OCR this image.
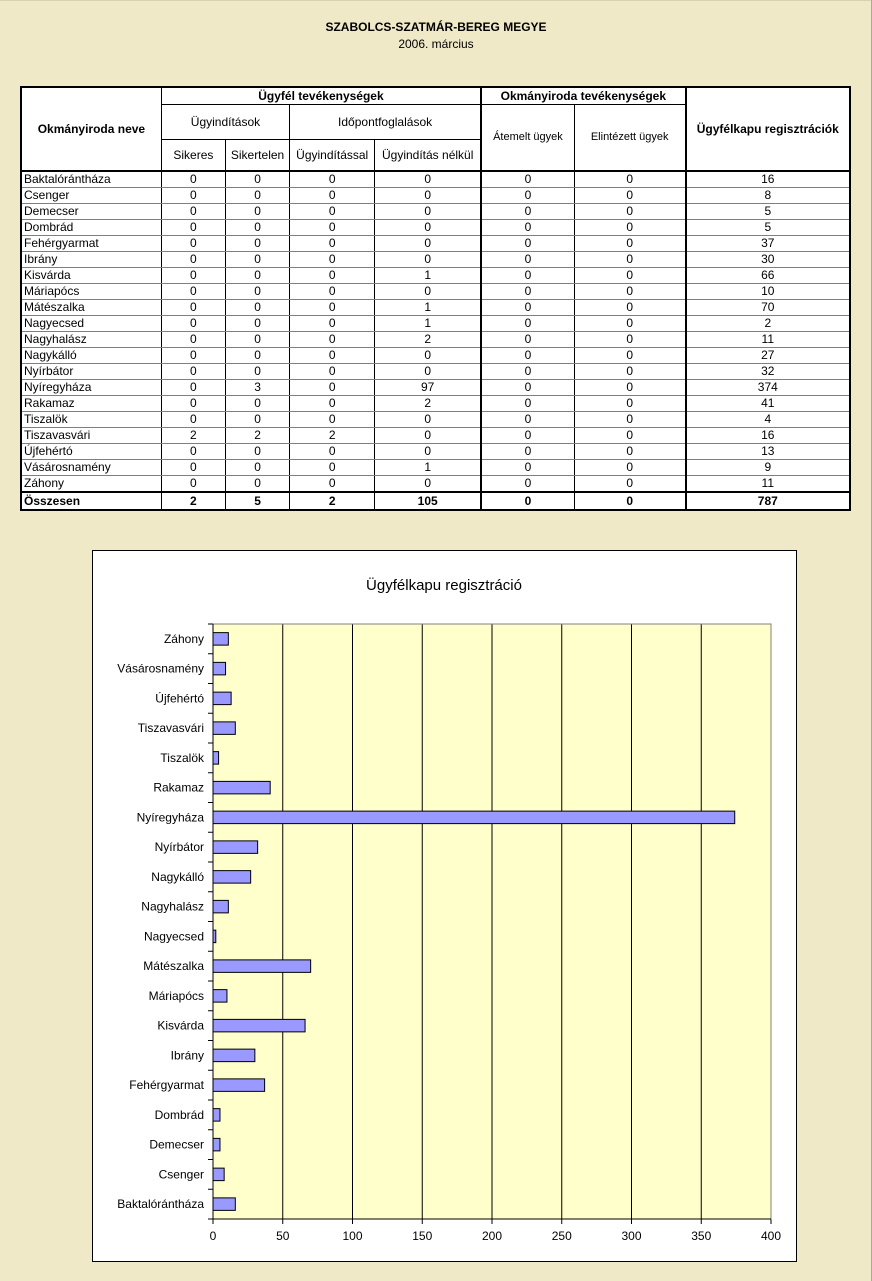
SZABOLCS-SZATMÁR-BEREG MEGYE
2006. március
Okmányiroda neve	Ügyfél tevékenységek				Okmányiroda tevékenységek		Ügyfélkapu regisztrációk
	Ügyindítások		Időpontfoglalások		Átemelt ügyek	Elintézett ügyek	
	Sikeres	Sikertelen	Ügyindítással	Ügyindítás nélkül			
Baktalórántháza	0	0	0	0	0	0	16
Csenger	0	0	0	0	0	0	8
Demecser	0	0	0	0	0	0	5
Dombrád	0	0	0	0	0	0	5
Fehérgyarmat	0	0	0	0	0	0	37
Ibrány	0	0	0	0	0	0	30
Kisvárda	0	0	0	1	0	0	66
Máriapócs	0	0	0	0	0	0	10
Mátészalka	0	0	0	1	0	0	70
Nagyecsed	0	0	0	1	0	0	2
Nagyhalász	0	0	0	2	0	0	11
Nagykálló	0	0	0	0	0	0	27
Nyírbátor	0	0	0	0	0	0	32
Nyíregyháza	0	3	0	97	0	0	374
Rakamaz	0	0	0	2	0	0	41
Tiszalök	0	0	0	0	0	0	4
Tiszavasvári	2	2	2	0	0	0	16
Újfehértó	0	0	0	0	0	0	13
Vásárosnamény	0	0	0	1	0	0	9
Záhony	0	0	0	0	0	0	11
Összesen	2	5	2	105	0	0	787
Ügyfélkapu regisztráció
0	50	100	150	200	250	300	350	400
Baktalórántháza
Csenger
Demecser
Dombrád
Fehérgyarmat
Ibrány
Kisvárda
Máriapócs
Mátészalka
Nagyecsed
Nagyhalász
Nagykálló
Nyírbátor
Nyíregyháza
Rakamaz
Tiszalök
Tiszavasvári
Újfehértó
Vásárosnamény
Záhony
